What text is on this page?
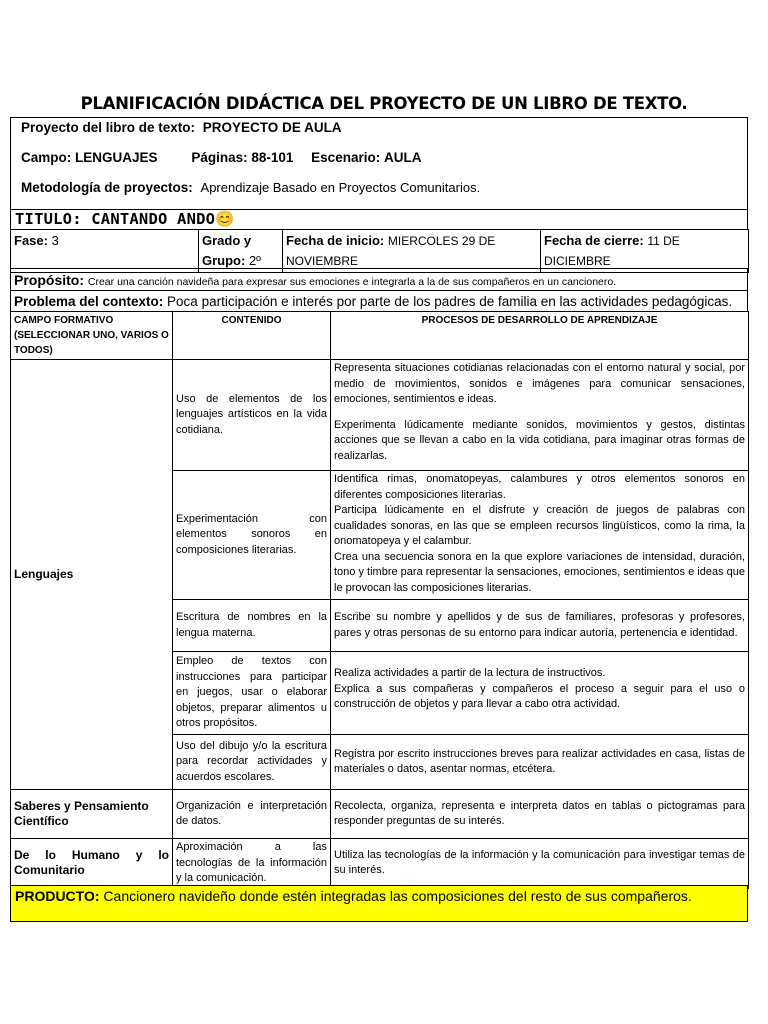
PLANIFICACIÓN DIDÁCTICA DEL PROYECTO DE UN LIBRO DE TEXTO.
Proyecto del libro de texto: PROYECTO DE AULA
Campo: LENGUAJES	Páginas: 88-101 Escenario: AULA
Metodología de proyectos: Aprendizaje Basado en Proyectos Comunitarios.
TITULO: CANTANDO ANDO😊
Fase: 3	Grado y Grupo: 2º	Fecha de inicio: MIERCOLES 29 DE NOVIEMBRE	Fecha de cierre: 11 DE DICIEMBRE
Propósito: Crear una canción navideña para expresar sus emociones e integrarla a la de sus compañeros en un cancionero.
Problema del contexto: Poca participación e interés por parte de los padres de familia en las actividades pedagógicas.
CAMPO FORMATIVO (SELECCIONAR UNO, VARIOS O TODOS)	CONTENIDO	PROCESOS DE DESARROLLO DE APRENDIZAJE
Lenguajes	Uso de elementos de los lenguajes artísticos en la vida cotidiana.	Representa situaciones cotidianas relacionadas con el entorno natural y social, por medio de movimientos, sonidos e imágenes para comunicar sensaciones, emociones, sentimientos e ideas.

Experimenta lúdicamente mediante sonidos, movimientos y gestos, distintas acciones que se llevan a cabo en la vida cotidiana, para imaginar otras formas de realizarlas.

	Experimentación con elementos sonoros en composiciones literarias.	Identifica rimas, onomatopeyas, calambures y otros elementos sonoros en diferentes composiciones literarias.

Participa lúdicamente en el disfrute y creación de juegos de palabras con cualidades sonoras, en las que se empleen recursos lingüísticos, como la rima, la onomatopeya y el calambur.

Crea una secuencia sonora en la que explore variaciones de intensidad, duración, tono y timbre para representar la sensaciones, emociones, sentimientos e ideas que le provocan las composiciones literarias.

	Escritura de nombres en la lengua materna.	Escribe su nombre y apellidos y de sus de familiares, profesoras y profesores, pares y otras personas de su entorno para indicar autoría, pertenencia e identidad.

	Empleo de textos con instrucciones para participar en juegos, usar o elaborar objetos, preparar alimentos u otros propósitos.	Realiza actividades a partir de la lectura de instructivos.

Explica a sus compañeras y compañeros el proceso a seguir para el uso o construcción de objetos y para llevar a cabo otra actividad.

	Uso del dibujo y/o la escritura para recordar actividades y acuerdos escolares.	Registra por escrito instrucciones breves para realizar actividades en casa, listas de materiales o datos, asentar normas, etcétera.

Saberes y Pensamiento Científico	Organización e interpretación de datos.	Recolecta, organiza, representa e interpreta datos en tablas o pictogramas para responder preguntas de su interés.

De lo Humano y lo Comunitario	Aproximación a las tecnologías de la información y la comunicación.	Utiliza las tecnologías de la información y la comunicación para investigar temas de su interés.

PRODUCTO: Cancionero navideño donde estén integradas las composiciones del resto de sus compañeros.
